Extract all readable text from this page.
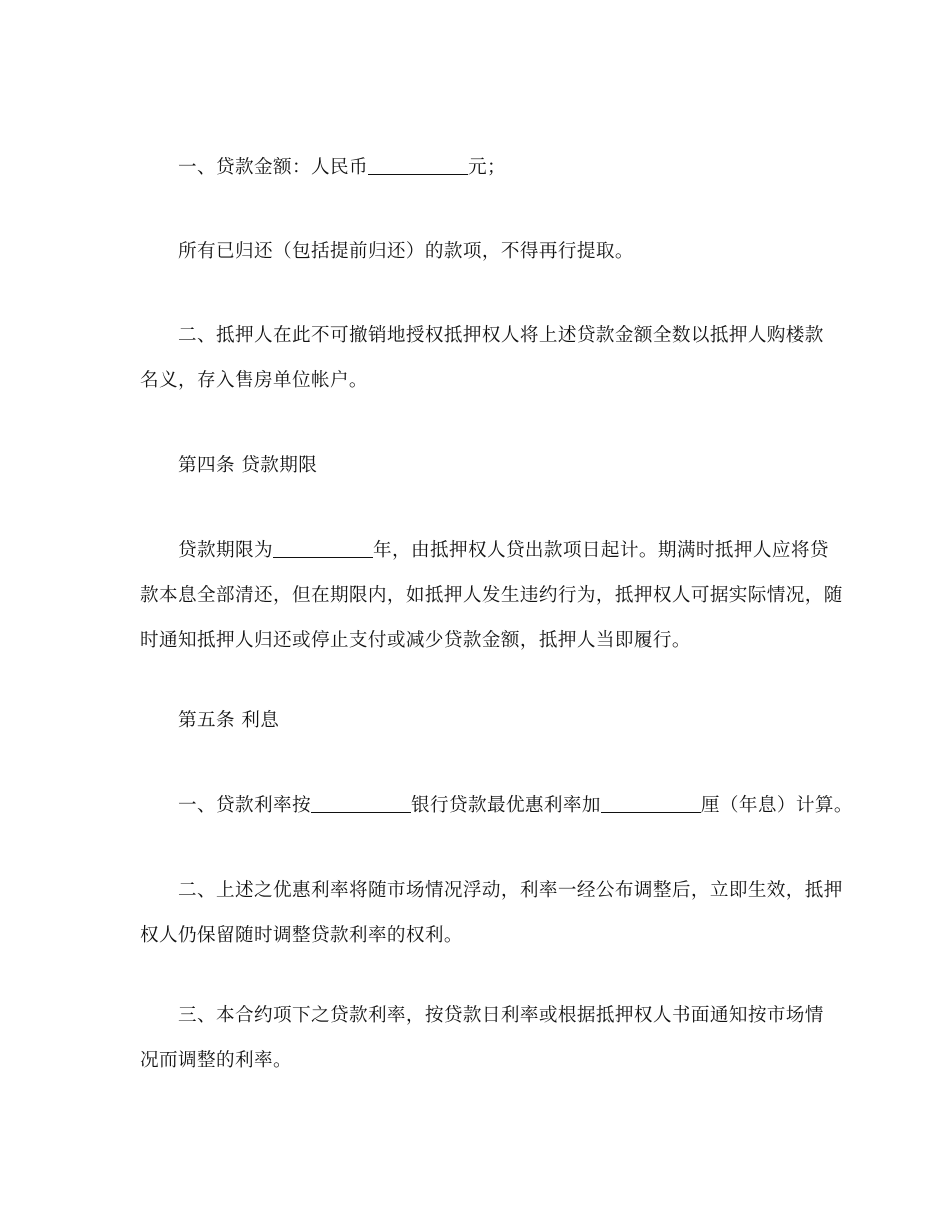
一、贷款金额：人民币	元；
所有已归还（包括提前归还）的款项，不得再行提取。
二、抵押人在此不可撤销地授权抵押权人将上述贷款金额全数以抵押人购楼款
名义，存入售房单位帐户。
第四条 贷款期限
贷款期限为	年，由抵押权人贷出款项日起计。期满时抵押人应将贷
款本息全部清还，但在期限内，如抵押人发生违约行为，抵押权人可据实际情况，随
时通知抵押人归还或停止支付或减少贷款金额，抵押人当即履行。
第五条 利息
一、贷款利率按	银行贷款最优惠利率加	厘（年息）计算。
二、上述之优惠利率将随市场情况浮动，利率一经公布调整后，立即生效，抵押
权人仍保留随时调整贷款利率的权利。
三、本合约项下之贷款利率，按贷款日利率或根据抵押权人书面通知按市场情
况而调整的利率。
